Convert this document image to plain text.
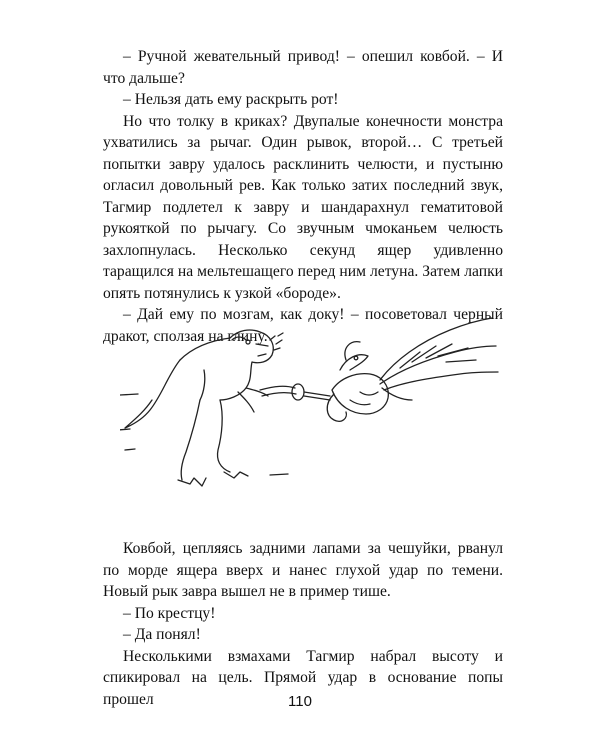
– Ручной жевательный привод! – опешил ковбой. – И что дальше?

– Нельзя дать ему раскрыть рот!

Но что толку в криках? Двупалые конечности монстра ухватились за рычаг. Один рывок, второй… С третьей попытки завру удалось расклинить челюсти, и пустыню огласил довольный рев. Как только затих последний звук, Тагмир подлетел к завру и шандарахнул гематитовой рукояткой по рычагу. Со звучным чмоканьем челюсть захлопнулась. Несколько секунд ящер удивленно таращился на мельтешащего перед ним летуна. Затем лапки опять потянулись к узкой «бороде».

– Дай ему по мозгам, как доку! – посоветовал черный дракот, сползая на глину.

Ковбой, цепляясь задними лапами за чешуйки, рванул по морде ящера вверх и нанес глухой удар по темени. Новый рык завра вышел не в пример тише.

– По крестцу!

– Да понял!

Несколькими взмахами Тагмир набрал высоту и спикировал на цель. Прямой удар в основание попы прошел	110
